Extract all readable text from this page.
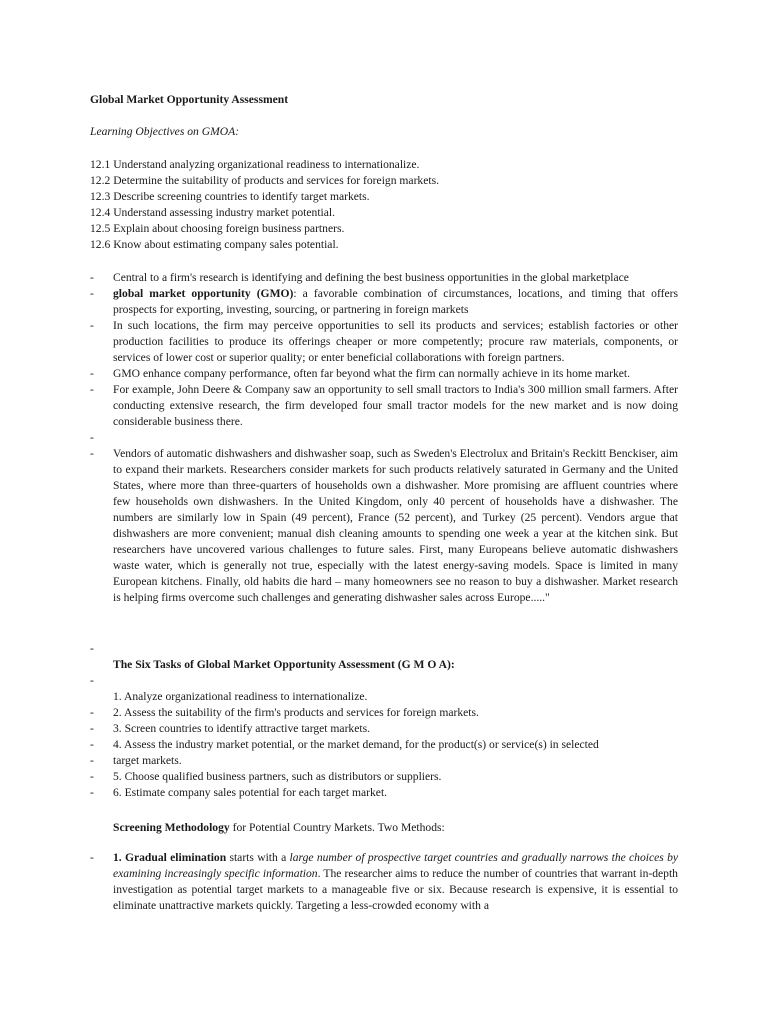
Global Market Opportunity Assessment
Learning Objectives on GMOA:
12.1 Understand analyzing organizational readiness to internationalize.
12.2 Determine the suitability of products and services for foreign markets.
12.3 Describe screening countries to identify target markets.
12.4 Understand assessing industry market potential.
12.5 Explain about choosing foreign business partners.
12.6 Know about estimating company sales potential.
- Central to a firm's research is identifying and defining the best business opportunities in the global marketplace
- global market opportunity (GMO): a favorable combination of circumstances, locations, and timing that offers prospects for exporting, investing, sourcing, or partnering in foreign markets
- In such locations, the firm may perceive opportunities to sell its products and services; establish factories or other production facilities to produce its offerings cheaper or more competently; procure raw materials, components, or services of lower cost or superior quality; or enter beneficial collaborations with foreign partners.
- GMO enhance company performance, often far beyond what the firm can normally achieve in its home market.
- For example, John Deere & Company saw an opportunity to sell small tractors to India's 300 million small farmers. After conducting extensive research, the firm developed four small tractor models for the new market and is now doing considerable business there.
-
- Vendors of automatic dishwashers and dishwasher soap, such as Sweden's Electrolux and Britain's Reckitt Benckiser, aim to expand their markets. Researchers consider markets for such products relatively saturated in Germany and the United States, where more than three-quarters of households own a dishwasher. More promising are affluent countries where few households own dishwashers. In the United Kingdom, only 40 percent of households have a dishwasher. The numbers are similarly low in Spain (49 percent), France (52 percent), and Turkey (25 percent). Vendors argue that dishwashers are more convenient; manual dish cleaning amounts to spending one week a year at the kitchen sink. But researchers have uncovered various challenges to future sales. First, many Europeans believe automatic dishwashers waste water, which is generally not true, especially with the latest energy-saving models. Space is limited in many European kitchens. Finally, old habits die hard – many homeowners see no reason to buy a dishwasher. Market research is helping firms overcome such challenges and generating dishwasher sales across Europe....."
-
The Six Tasks of Global Market Opportunity Assessment (G M O A):
-
1. Analyze organizational readiness to internationalize.
- 2. Assess the suitability of the firm's products and services for foreign markets.
- 3. Screen countries to identify attractive target markets.
- 4. Assess the industry market potential, or the market demand, for the product(s) or service(s) in selected
- target markets.
- 5. Choose qualified business partners, such as distributors or suppliers.
- 6. Estimate company sales potential for each target market.
Screening Methodology for Potential Country Markets. Two Methods:
- 1. Gradual elimination starts with a large number of prospective target countries and gradually narrows the choices by examining increasingly specific information. The researcher aims to reduce the number of countries that warrant in-depth investigation as potential target markets to a manageable five or six. Because research is expensive, it is essential to eliminate unattractive markets quickly. Targeting a less-crowded economy with a
